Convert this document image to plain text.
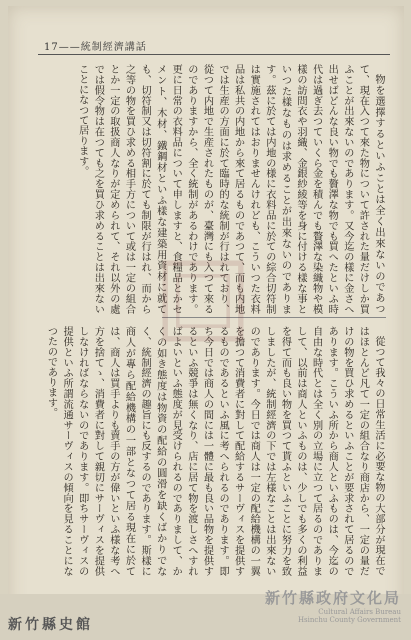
17——統制經濟講話

物を選擇するといふことは全く出來ないのであつて、現在入つて來た物について許された量だけしか買ふことが出來ないのであります。又今迄の樣に金さへ出せばどんな良い物でも贅澤な物でも買へたといふ時代は過ぎ去つていくら金を積んでも贅澤な染織物や模樣の訪問衣や羽織、金銀紗綾等を身に付ける樣な事といつた樣なものは求めることが出來ないのであります。茲に於ては内地の様に衣料品に於ての綜合切符制は實施されてはおりませんけれども、こういつた衣料品は私共の内地から來て居るものであつて、而も内地では生産の方面に於て臨時的な統制が行はれており、從つて内地で生産されたものが、臺灣にも入つて來るのでありますから、全く統制があるわけであります。更に日常の衣料品について申しますと、食糧品とかセメント、木材、鐵鋼材といふ樣な建築用資材に就ても、切符制又は切符割に於ても制限が行はれ、而から之等の物を買ひ求める相手方について或は一定の組合とか一定の取扱商人なりが定められて、それ以外の處では假令物は在つても之を買ひ求めることは出來ないことになつて居ります。

從つて我々の日常生活に必要な物の大部分が現在ではほとんど凡て一定の組合なり商店から、一定の量だけの物を買ひ求めるといふことが要求されて居るのであります。こういふ所から商人といふものは、今迄の自由な時代とは全く別の立場に立つて居るのでありまして、以前は商人といふものは、少しでも多くの利益を得て而も良い物を買つて貰ふといふことに努力を致しましたが、統制經濟の下では左様なことは出來ないのであります。今日では商人は一定の配給機構の一翼を擔つて消費者に對して配給するサーヴィスを提供するものであるといふ風に考へられるのであります。即ち今日では商人の間には一體に最も良い品物を提供するといふ競爭は無くなり、店に居て物を渡しさへすればよいといふ態度が見受けられるのでありまして、かくの如き態度は物資の配給の圓滑を缺くばかりでなく、統制經濟の趣旨にも反するのであります。斯樣に商人が專ら配給機構の一部となつて居る現在に於ては、商人は買手よりも賣手の方が偉いといふ様な考へ方を捨てゝ、消費者に對して親切にサーヴィスを提供しなければならないのであります。即ちサーヴィスの提供といふ所謂流通サーヴィスの傾向を見ることになつたのであります。

新竹縣史館
新竹縣政府文化局
Cultural Affairs Bureau
Hsinchu County Government
